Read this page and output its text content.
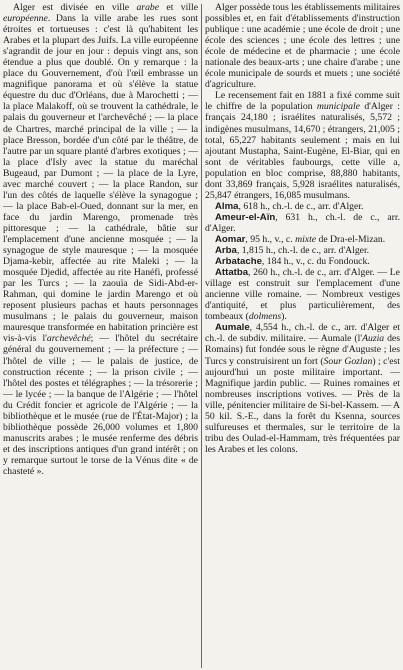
Alger est divisée en ville arabe et ville européenne. Dans la ville arabe les rues sont étroites et tortueuses : c'est là qu'habitent les Arabes et la plupart des Juifs. La ville européenne s'agrandit de jour en jour : depuis vingt ans, son étendue a plus que doublé. On y remarque : la place du Gouvernement, d'où l'œil embrasse un magnifique panorama et où s'élève la statue équestre du duc d'Orléans, due à Marochetti ; — la place Malakoff, où se trouvent la cathédrale, le palais du gouverneur et l'archevêché ; — la place de Chartres, marché principal de la ville ; — la place Bresson, bordée d'un côté par le théâtre, de l'autre par un square planté d'arbres exotiques ; — la place d'Isly avec la statue du maréchal Bugeaud, par Dumont ; — la place de la Lyre, avec marché couvert ; — la place Randon, sur l'un des côtés de laquelle s'élève la synagogue ; — la place Bab-el-Oued, donnant sur la mer, en face du jardin Marengo, promenade très pittoresque ; — la cathédrale, bâtie sur l'emplacement d'une ancienne mosquée ; — la synagogue de style mauresque ; — la mosquée Djama-kebir, affectée au rite Maleki ; — la mosquée Djedid, affectée au rite Hanéfi, professé par les Turcs ; — la zaouïa de Sidi-Abd-er-Rahman, qui domine le jardin Marengo et où reposent plusieurs pachas et hauts personnages musulmans ; le palais du gouverneur, maison mauresque transformée en habitation princière est vis-à-vis l'archevêché; — l'hôtel du secrétaire général du gouvernement ; — la préfecture ; — l'hôtel de ville ; — le palais de justice, de construction récente ; — la prison civile ; — l'hôtel des postes et télégraphes ; — la trésorerie ; — le lycée ; — la banque de l'Algérie ; — l'hôtel du Crédit foncier et agricole de l'Algérie ; — la bibliothèque et le musée (rue de l'État-Major) ; la bibliothèque possède 26,000 volumes et 1,800 manuscrits arabes ; le musée renferme des débris et des inscriptions antiques d'un grand intérêt ; on y remarque surtout le torse de la Vénus dite « de chasteté ».

Alger possède tous les établissements militaires possibles et, en fait d'établissements d'instruction publique : une académie ; une école de droit ; une école des sciences ; une école des lettres ; une école de médecine et de pharmacie ; une école nationale des beaux-arts ; une chaire d'arabe ; une école municipale de sourds et muets ; une société d'agriculture.

Le recensement fait en 1881 a fixé comme suit le chiffre de la population municipale d'Alger : français 24,180 ; israélites naturalisés, 5,572 ; indigènes musulmans, 14,670 ; étrangers, 21,005 ; total, 65,227 habitants seulement ; mais en lui ajoutant Mustapha, Saint-Eugène, El-Biar, qui en sont de véritables faubourgs, cette ville a, population en bloc comprise, 88,880 habitants, dont 33,869 français, 5,928 israélites naturalisés, 25,847 étrangers, 16,085 musulmans.

Alma, 618 h., ch.-l. de c., arr. d'Alger.

Ameur-el-Aïn, 631 h., ch.-l. de c., arr. d'Alger.

Aomar, 95 h., v., c. mixte de Dra-el-Mizan.

Arba, 1,815 h., ch.-l. de c., arr. d'Alger.

Arbatache, 184 h., v., c. du Fondouck.

Attatba, 260 h., ch.-l. de c., arr. d'Alger. — Le village est construit sur l'emplacement d'une ancienne ville romaine. — Nombreux vestiges d'antiquité, et plus particulièrement, des tombeaux (dolmens).

Aumale, 4,554 h., ch.-l. de c., arr. d'Alger et ch.-l. de subdiv. militaire. — Aumale (l'Auzia des Romains) fut fondée sous le règne d'Auguste ; les Turcs y construisirent un fort (Sour Gozlan) ; c'est aujourd'hui un poste militaire important. — Magnifique jardin public. — Ruines romaines et nombreuses inscriptions votives. — Près de la ville, pénitencier militaire de Si-bel-Kassem. — A 50 kil. S.-E., dans la forêt du Ksenna, sources sulfureuses et thermales, sur le territoire de la tribu des Oulad-el-Hammam, très fréquentées par les Arabes et les colons.
